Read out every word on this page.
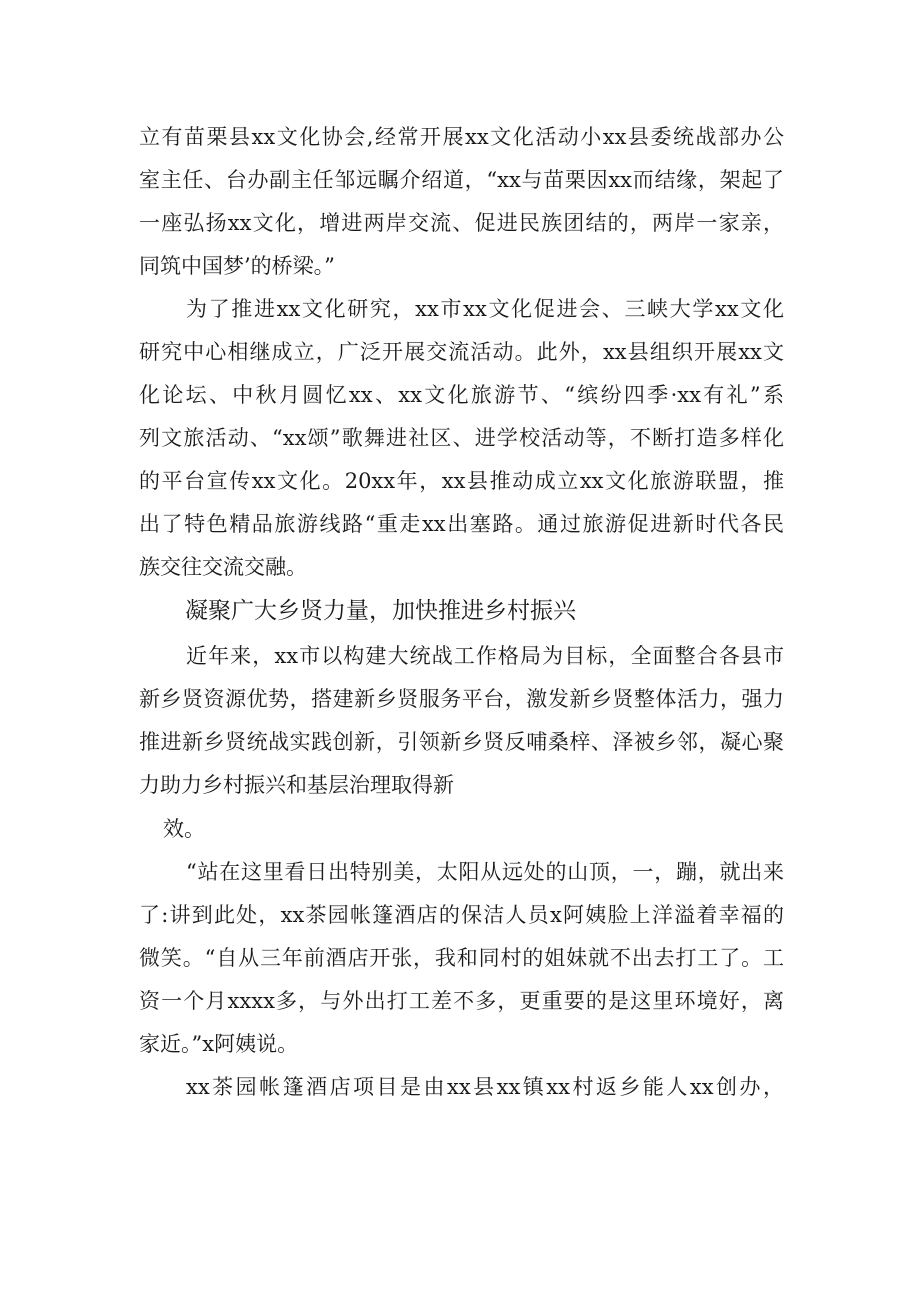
立有苗栗县xx文化协会,经常开展xx文化活动小xx县委统战部办公
室主任、台办副主任邹远瞩介绍道，“xx与苗栗因xx而结缘，架起了
一座弘扬xx文化，增进两岸交流、促进民族团结的，两岸一家亲，
同筑中国梦’的桥梁。”
为了推进xx文化研究，xx市xx文化促进会、三峡大学xx文化
研究中心相继成立，广泛开展交流活动。此外，xx县组织开展xx文
化论坛、中秋月圆忆xx、xx文化旅游节、“缤纷四季·xx有礼”系
列文旅活动、“xx颂”歌舞进社区、进学校活动等，不断打造多样化
的平台宣传xx文化。20xx年，xx县推动成立xx文化旅游联盟，推
出了特色精品旅游线路“重走xx出塞路。通过旅游促进新时代各民
族交往交流交融。
凝聚广大乡贤力量，加快推进乡村振兴
近年来，xx市以构建大统战工作格局为目标，全面整合各县市
新乡贤资源优势，搭建新乡贤服务平台，激发新乡贤整体活力，强力
推进新乡贤统战实践创新，引领新乡贤反哺桑梓、泽被乡邻，凝心聚
力助力乡村振兴和基层治理取得新
效。
“站在这里看日出特别美，太阳从远处的山顶，一，蹦，就出来
了:讲到此处，xx茶园帐篷酒店的保洁人员x阿姨脸上洋溢着幸福的
微笑。“自从三年前酒店开张，我和同村的姐妹就不出去打工了。工
资一个月xxxx多，与外出打工差不多，更重要的是这里环境好，离
家近。”x阿姨说。
xx茶园帐篷酒店项目是由xx县xx镇xx村返乡能人xx创办，
